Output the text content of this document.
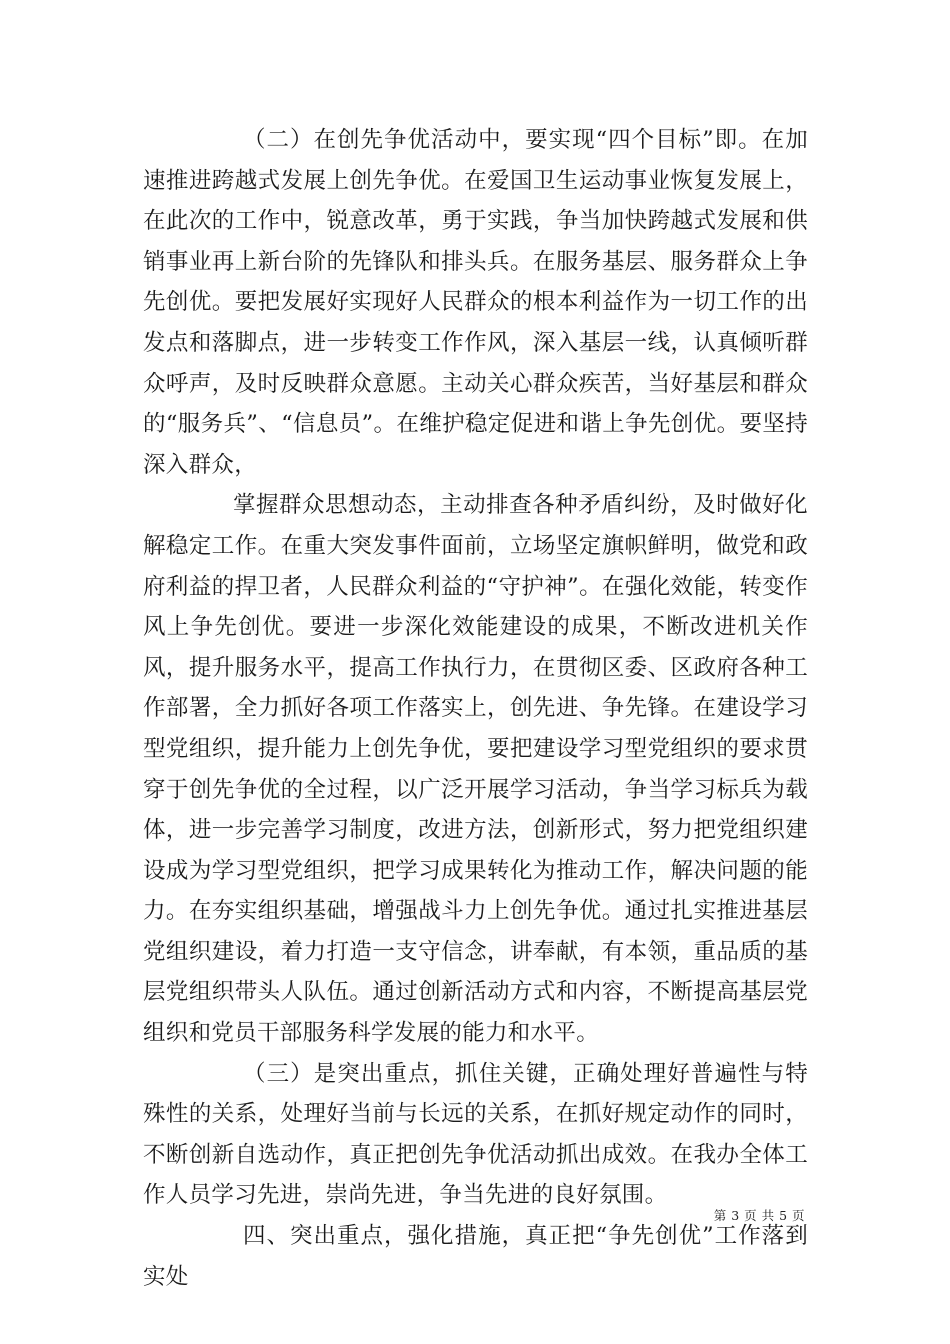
（二）在创先争优活动中，要实现“四个目标”即。在加速推进跨越式发展上创先争优。在爱国卫生运动事业恢复发展上，在此次的工作中，锐意改革，勇于实践，争当加快跨越式发展和供销事业再上新台阶的先锋队和排头兵。在服务基层、服务群众上争先创优。要把发展好实现好人民群众的根本利益作为一切工作的出发点和落脚点，进一步转变工作作风，深入基层一线，认真倾听群众呼声，及时反映群众意愿。主动关心群众疾苦，当好基层和群众的“服务兵”、“信息员”。在维护稳定促进和谐上争先创优。要坚持深入群众，

掌握群众思想动态，主动排查各种矛盾纠纷，及时做好化解稳定工作。在重大突发事件面前，立场坚定旗帜鲜明，做党和政府利益的捍卫者，人民群众利益的“守护神”。在强化效能，转变作风上争先创优。要进一步深化效能建设的成果，不断改进机关作风，提升服务水平，提高工作执行力，在贯彻区委、区政府各种工作部署，全力抓好各项工作落实上，创先进、争先锋。在建设学习型党组织，提升能力上创先争优，要把建设学习型党组织的要求贯穿于创先争优的全过程，以广泛开展学习活动，争当学习标兵为载体，进一步完善学习制度，改进方法，创新形式，努力把党组织建设成为学习型党组织，把学习成果转化为推动工作，解决问题的能力。在夯实组织基础，增强战斗力上创先争优。通过扎实推进基层党组织建设，着力打造一支守信念，讲奉献，有本领，重品质的基层党组织带头人队伍。通过创新活动方式和内容，不断提高基层党组织和党员干部服务科学发展的能力和水平。

（三）是突出重点，抓住关键，正确处理好普遍性与特殊性的关系，处理好当前与长远的关系，在抓好规定动作的同时，不断创新自选动作，真正把创先争优活动抓出成效。在我办全体工作人员学习先进，崇尚先进，争当先进的良好氛围。

四、突出重点，强化措施，真正把“争先创优”工作落到实处

第 3 页 共 5 页
